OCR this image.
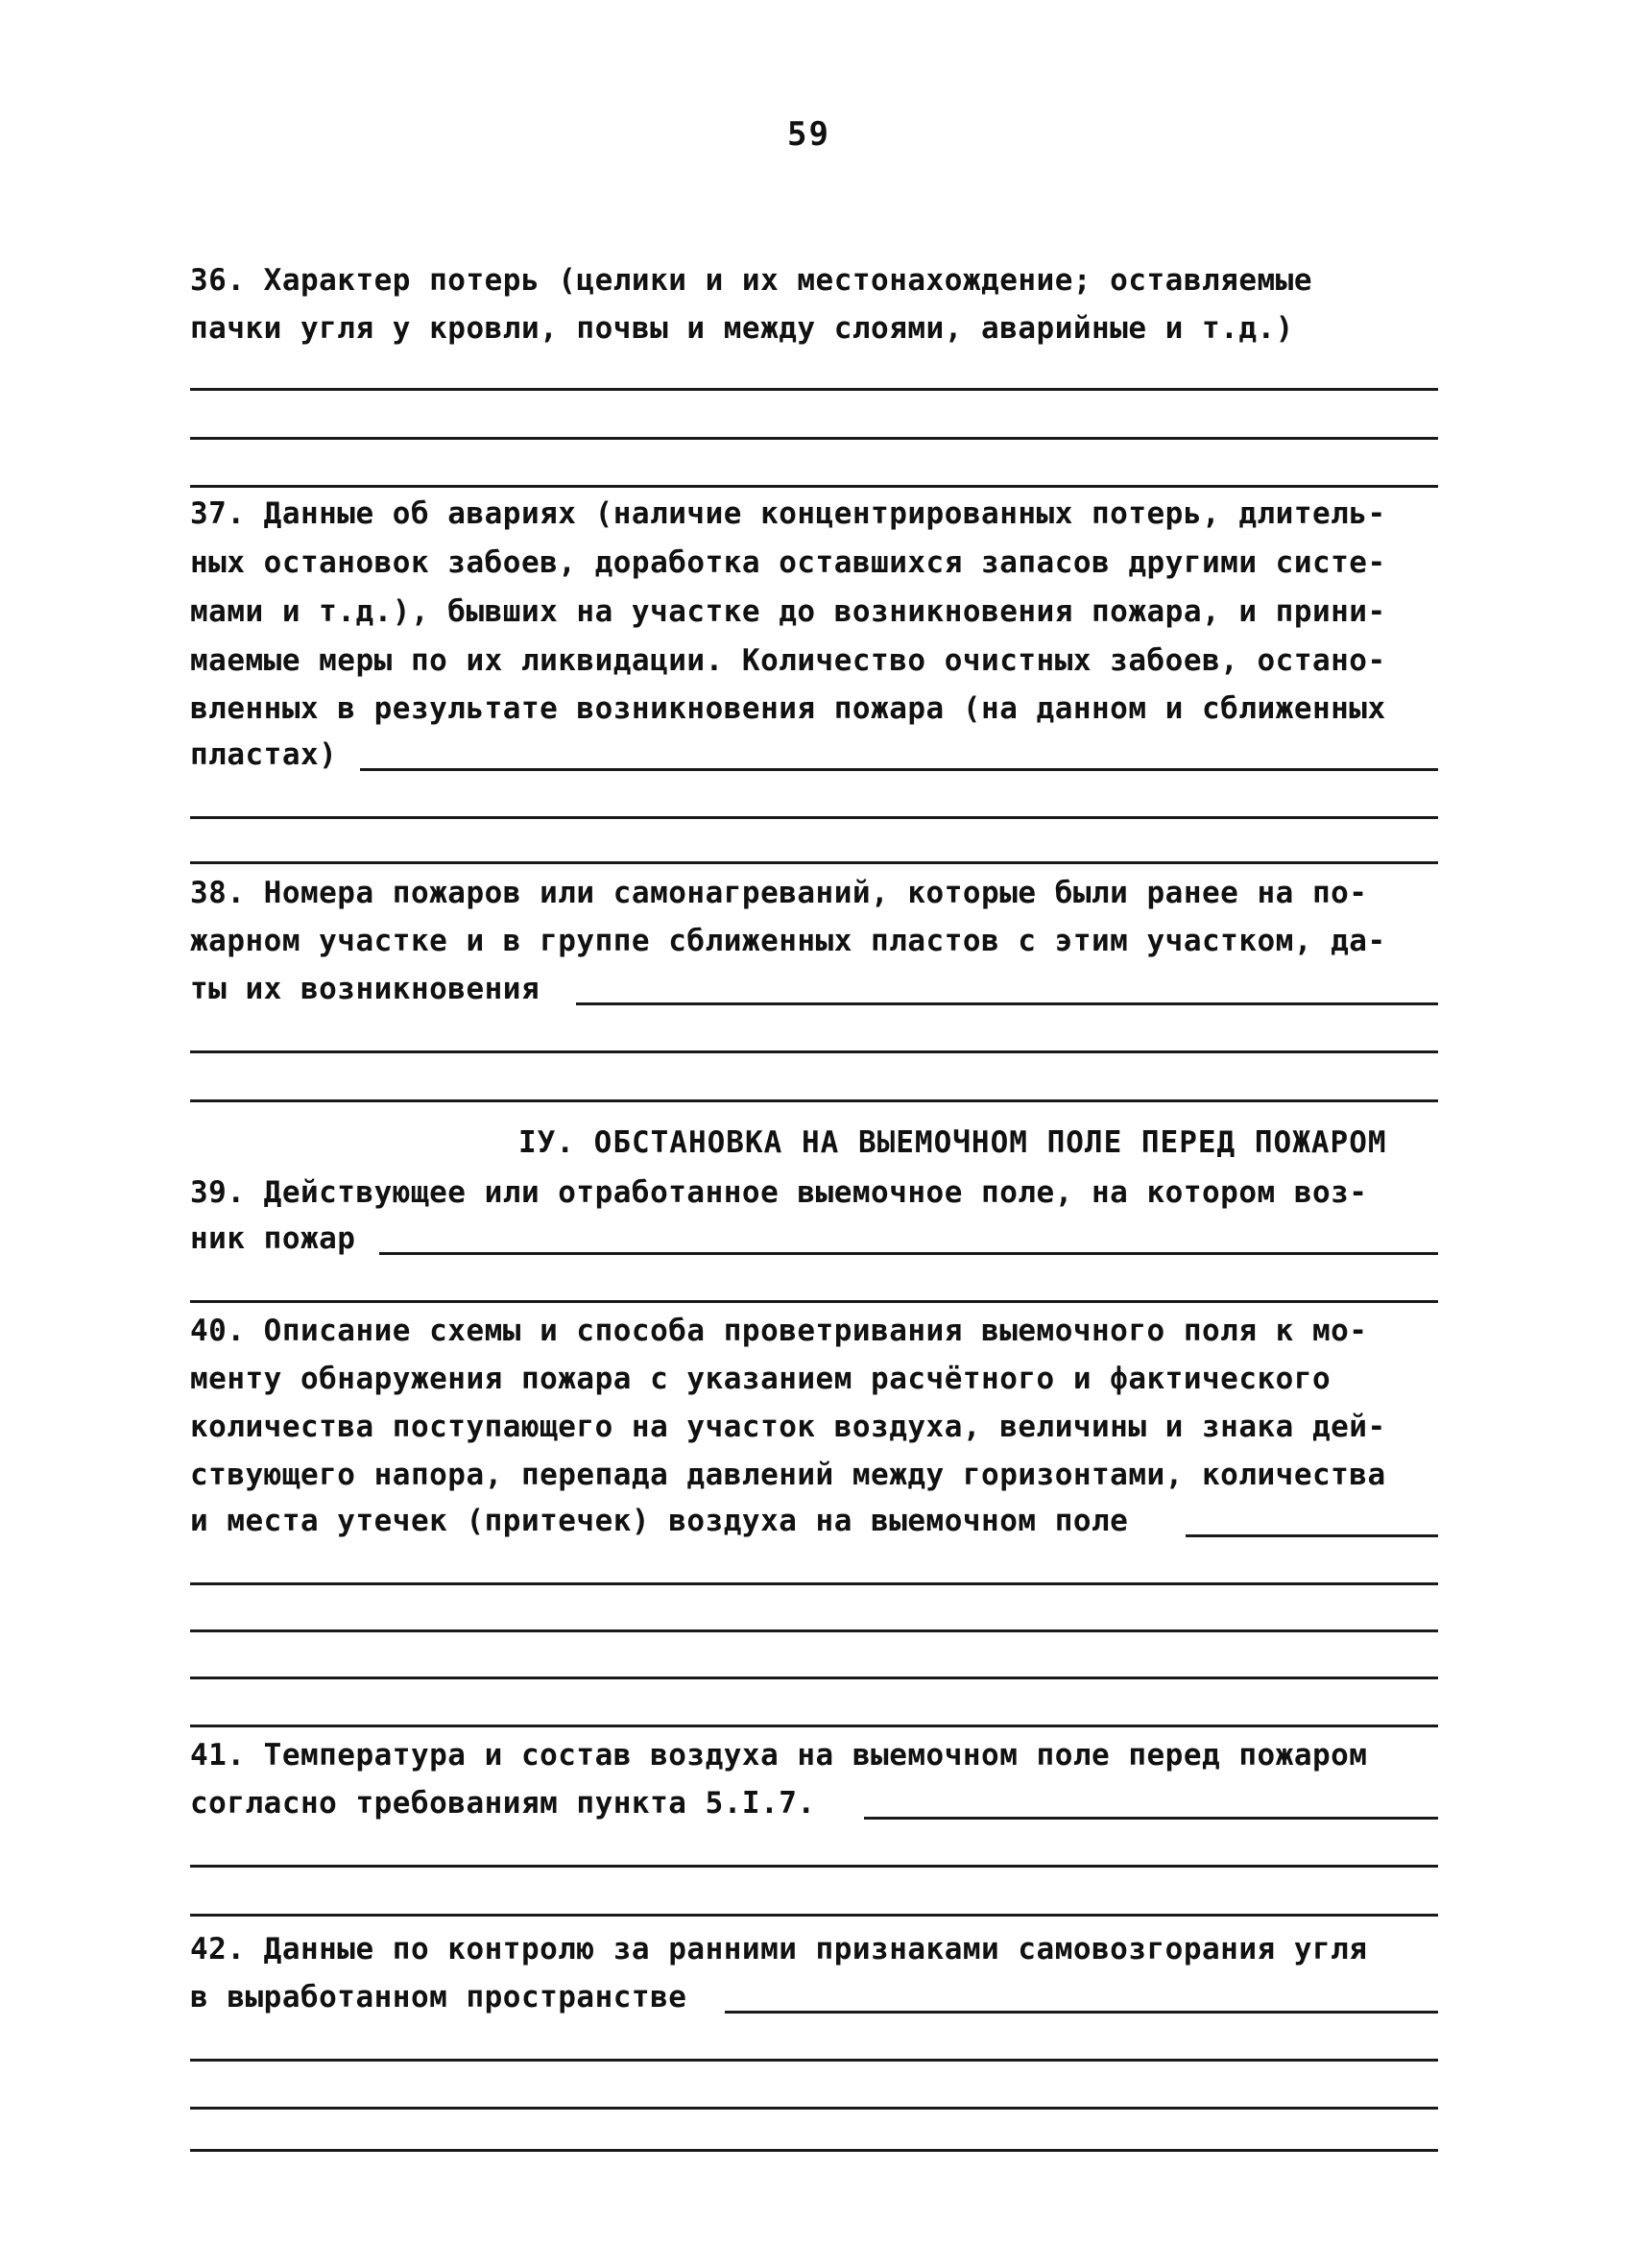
59
36. Характер потерь (целики и их местонахождение; оставляемые
пачки угля у кровли, почвы и между слоями, аварийные и т.д.)
37. Данные об авариях (наличие концентрированных потерь, длитель-
ных остановок забоев, доработка оставшихся запасов другими систе-
мами и т.д.), бывших на участке до возникновения пожара, и прини-
маемые меры по их ликвидации. Количество очистных забоев, остано-
вленных в результате возникновения пожара (на данном и сближенных
пластах)
38. Номера пожаров или самонагреваний, которые были ранее на по-
жарном участке и в группе сближенных пластов с этим участком, да-
ты их возникновения
IУ. ОБСТАНОВКА НА ВЫЕМОЧНОМ ПОЛЕ ПЕРЕД ПОЖАРОМ
39. Действующее или отработанное выемочное поле, на котором воз-
ник пожар
40. Описание схемы и способа проветривания выемочного поля к мо-
менту обнаружения пожара с указанием расчётного и фактического
количества поступающего на участок воздуха, величины и знака дей-
ствующего напора, перепада давлений между горизонтами, количества
и места утечек (притечек) воздуха на выемочном поле
41. Температура и состав воздуха на выемочном поле перед пожаром
согласно требованиям пункта 5.I.7.
42. Данные по контролю за ранними признаками самовозгорания угля
в выработанном пространстве
